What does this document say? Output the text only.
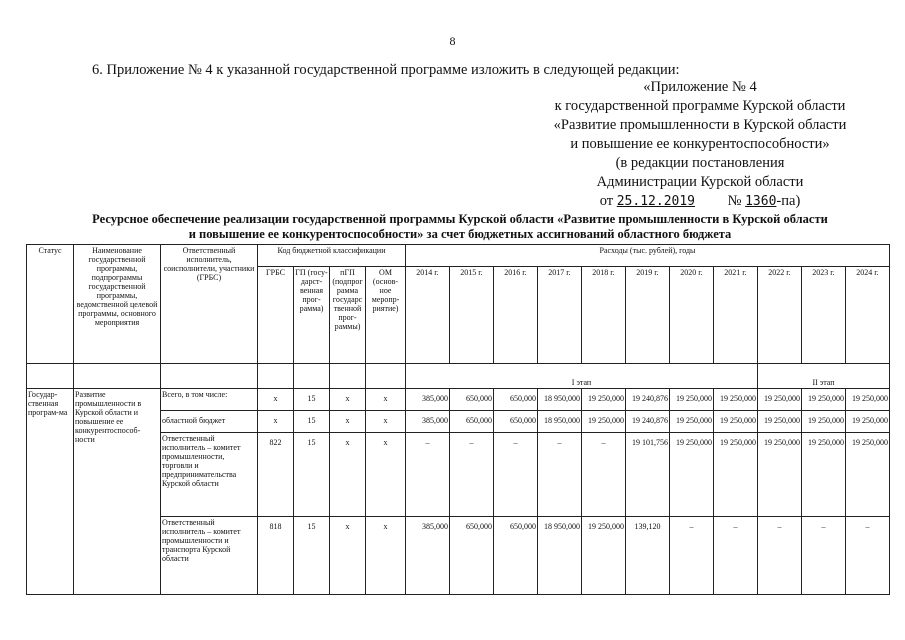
8
6. Приложение № 4 к указанной государственной программе изложить в следующей редакции:
«Приложение № 4
к государственной программе Курской области
«Развитие промышленности в Курской области
и повышение ее конкурентоспособности»
(в редакции постановления
Администрации Курской области
от 25.12.2019 № 1360-па)
Ресурсное обеспечение реализации государственной программы Курской области «Развитие промышленности в Курской области
и повышение ее конкурентоспособности» за счет бюджетных ассигнований областного бюджета
Статус	Наименование государственной программы, подпрограммы государственной программы, ведомственной целевой программы, основного мероприятия	Ответственный исполнитель, соисполнители, участники (ГРБС)	Код бюджетной классификации				Расходы (тыс. рублей), годы										
			ГРБС	ГП (госу-дарст-венная прог-рамма)	пГП (подпрог рамма государс твенной прог-раммы)	ОМ (основ-ное меропр-риятие)	2014 г.	2015 г.	2016 г.	2017 г.	2018 г.	2019 г.	2020 г.	2021 г.	2022 г.	2023 г.	2024 г.
							I этап								II этап		
Государ-ственная програм-ма	Развитие промышленности в Курской области и повышение ее конкурентоспособ-ности	Всего, в том числе:	x	15	x	x	385,000	650,000	650,000	18 950,000	19 250,000	19 240,876	19 250,000	19 250,000	19 250,000	19 250,000	19 250,000
		областной бюджет	x	15	x	x	385,000	650,000	650,000	18 950,000	19 250,000	19 240,876	19 250,000	19 250,000	19 250,000	19 250,000	19 250,000
		Ответственный исполнитель – комитет промышленности, торговли и предпринимательства Курской области	822	15	x	x	–	–	–	–	–	19 101,756	19 250,000	19 250,000	19 250,000	19 250,000	19 250,000
		Ответственный исполнитель – комитет промышленности и транспорта Курской области	818	15	x	x	385,000	650,000	650,000	18 950,000	19 250,000	139,120	–	–	–	–	–
